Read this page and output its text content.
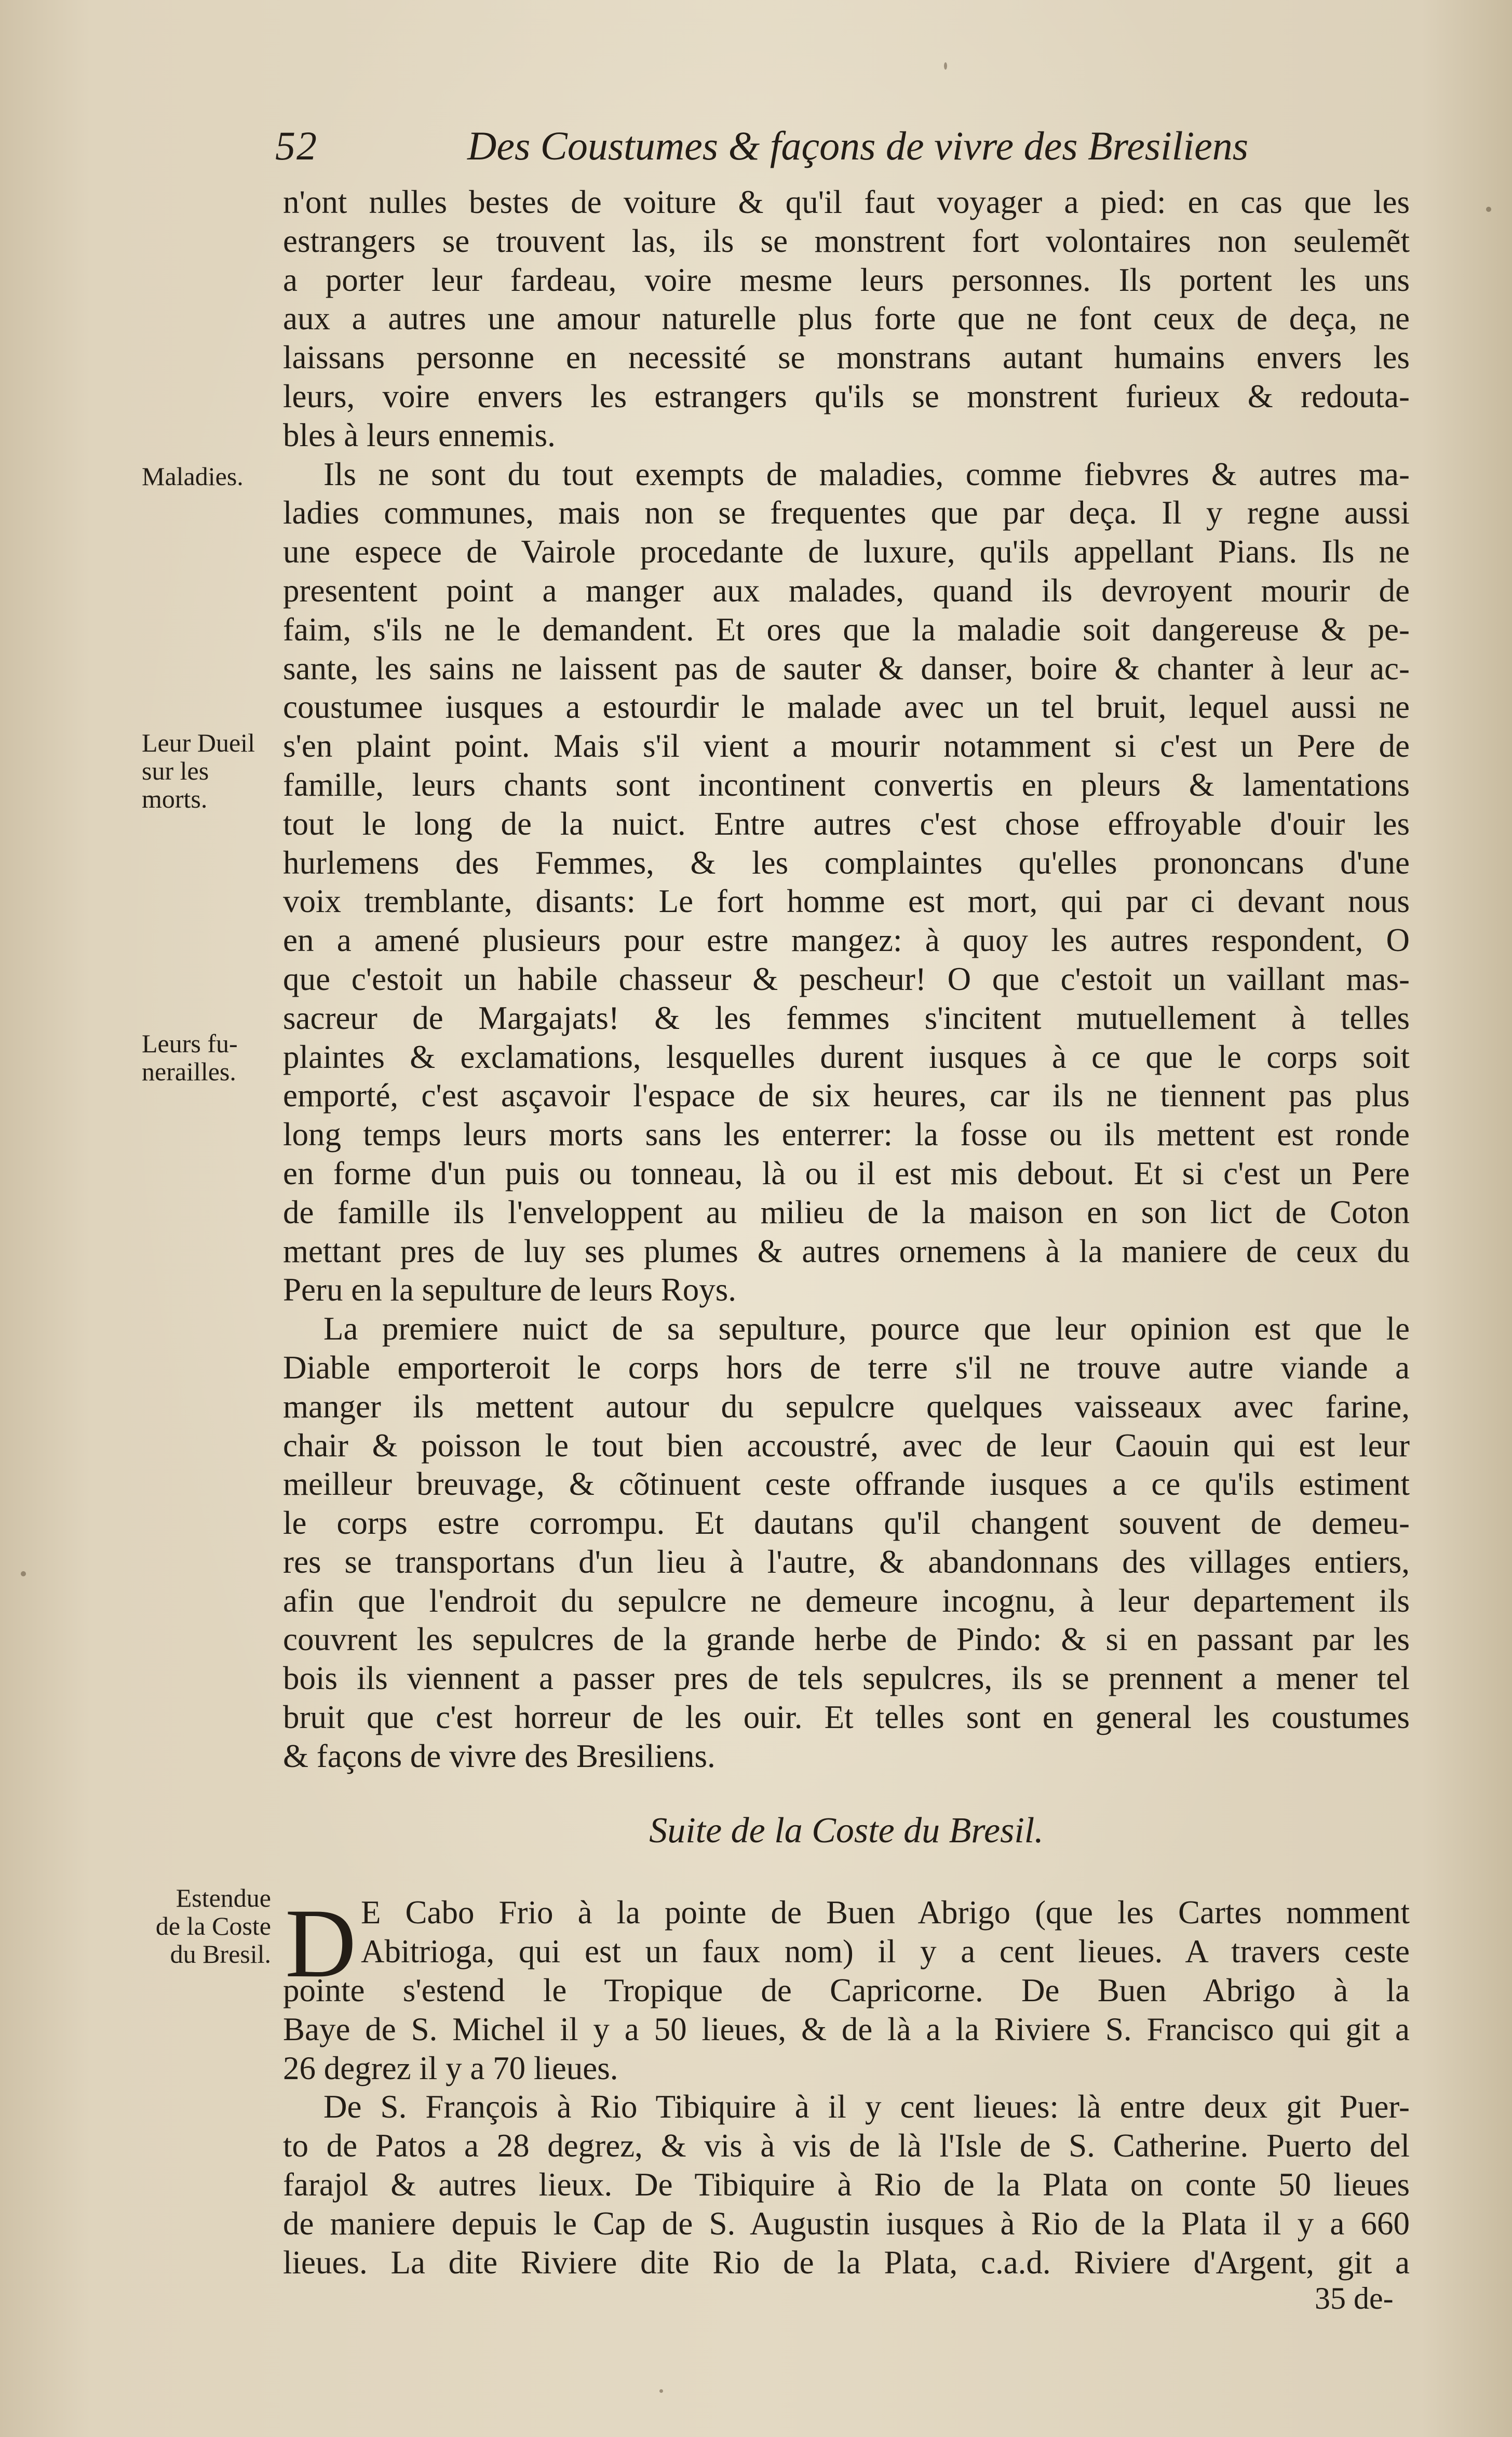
52	Des Coustumes & façons de vivre des Bresiliens
Maladies.
Leur Dueil
sur les
morts.
Leurs fu-
nerailles.
Estendue
de la Coste
du Bresil.
n'ont nulles bestes de voiture & qu'il faut voyager a pied: en cas que les
estrangers se trouvent las, ils se monstrent fort volontaires non seulemẽt
a porter leur fardeau, voire mesme leurs personnes. Ils portent les uns
aux a autres une amour naturelle plus forte que ne font ceux de deça, ne
laissans personne en necessité se monstrans autant humains envers les
leurs, voire envers les estrangers qu'ils se monstrent furieux & redouta-
bles à leurs ennemis.
Ils ne sont du tout exempts de maladies, comme fiebvres & autres ma-
ladies communes, mais non se frequentes que par deça. Il y regne aussi
une espece de Vairole procedante de luxure, qu'ils appellant Pians. Ils ne
presentent point a manger aux malades, quand ils devroyent mourir de
faim, s'ils ne le demandent. Et ores que la maladie soit dangereuse & pe-
sante, les sains ne laissent pas de sauter & danser, boire & chanter à leur ac-
coustumee iusques a estourdir le malade avec un tel bruit, lequel aussi ne
s'en plaint point. Mais s'il vient a mourir notamment si c'est un Pere de
famille, leurs chants sont incontinent convertis en pleurs & lamentations
tout le long de la nuict. Entre autres c'est chose effroyable d'ouir les
hurlemens des Femmes, & les complaintes qu'elles prononcans d'une
voix tremblante, disants: Le fort homme est mort, qui par ci devant nous
en a amené plusieurs pour estre mangez: à quoy les autres respondent, O
que c'estoit un habile chasseur & pescheur! O que c'estoit un vaillant mas-
sacreur de Margajats! & les femmes s'incitent mutuellement à telles
plaintes & exclamations, lesquelles durent iusques à ce que le corps soit
emporté, c'est asçavoir l'espace de six heures, car ils ne tiennent pas plus
long temps leurs morts sans les enterrer: la fosse ou ils mettent est ronde
en forme d'un puis ou tonneau, là ou il est mis debout. Et si c'est un Pere
de famille ils l'enveloppent au milieu de la maison en son lict de Coton
mettant pres de luy ses plumes & autres ornemens à la maniere de ceux du
Peru en la sepulture de leurs Roys.
La premiere nuict de sa sepulture, pource que leur opinion est que le
Diable emporteroit le corps hors de terre s'il ne trouve autre viande a
manger ils mettent autour du sepulcre quelques vaisseaux avec farine,
chair & poisson le tout bien accoustré, avec de leur Caouin qui est leur
meilleur breuvage, & cõtinuent ceste offrande iusques a ce qu'ils estiment
le corps estre corrompu. Et dautans qu'il changent souvent de demeu-
res se transportans d'un lieu à l'autre, & abandonnans des villages entiers,
afin que l'endroit du sepulcre ne demeure incognu, à leur departement ils
couvrent les sepulcres de la grande herbe de Pindo: & si en passant par les
bois ils viennent a passer pres de tels sepulcres, ils se prennent a mener tel
bruit que c'est horreur de les ouir. Et telles sont en general les coustumes
& façons de vivre des Bresiliens.
Suite de la Coste du Bresil.
D E Cabo Frio à la pointe de Buen Abrigo (que les Cartes nomment
Abitrioga, qui est un faux nom) il y a cent lieues. A travers ceste
pointe s'estend le Tropique de Capricorne. De Buen Abrigo à la
Baye de S. Michel il y a 50 lieues, & de là a la Riviere S. Francisco qui git a
26 degrez il y a 70 lieues.
De S. François à Rio Tibiquire à il y cent lieues: là entre deux git Puer-
to de Patos a 28 degrez, & vis à vis de là l'Isle de S. Catherine. Puerto del
farajol & autres lieux. De Tibiquire à Rio de la Plata on conte 50 lieues
de maniere depuis le Cap de S. Augustin iusques à Rio de la Plata il y a 660
lieues. La dite Riviere dite Rio de la Plata, c.a.d. Riviere d'Argent, git a
35 de-
